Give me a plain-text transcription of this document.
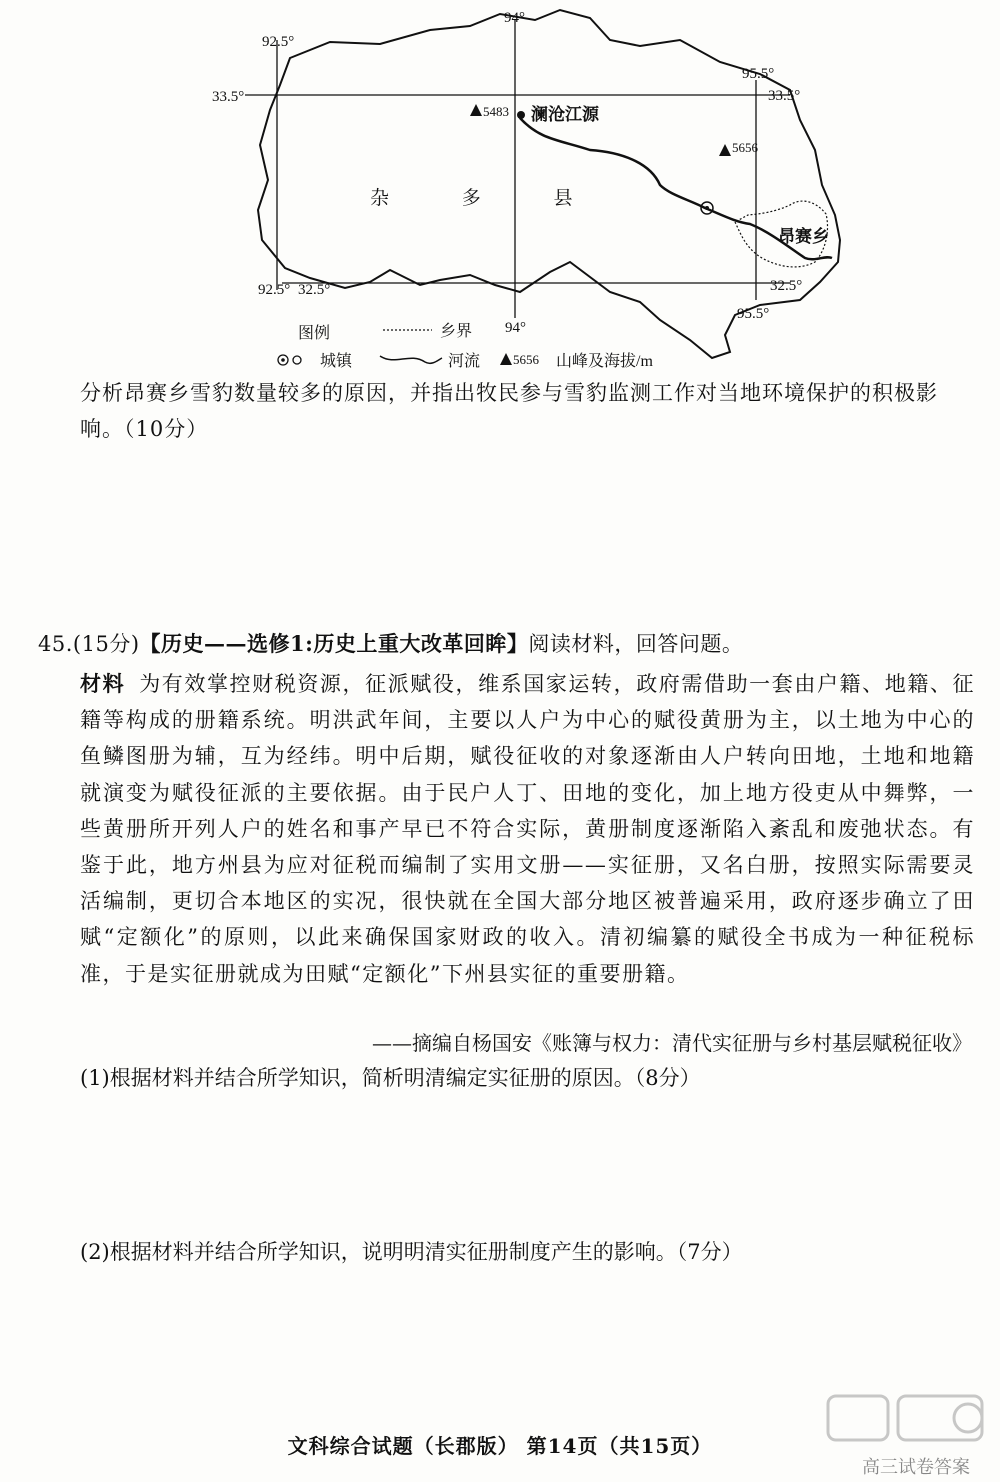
92.5°
94°
95.5°
33.5°	33.5°
92.5° 32.5°	32.5°
94°
95.5°
澜沧江源
5483
5656
杂 多 县
昂赛乡
图例	乡界
城镇	河流	5656 山峰及海拔/m
分析昂赛乡雪豹数量较多的原因，并指出牧民参与雪豹监测工作对当地环境保护的积极影响。（10分）
45.(15分)【历史——选修1:历史上重大改革回眸】阅读材料，回答问题。
材料 为有效掌控财税资源，征派赋役，维系国家运转，政府需借助一套由户籍、地籍、征籍等构成的册籍系统。明洪武年间，主要以人户为中心的赋役黄册为主，以土地为中心的鱼鳞图册为辅，互为经纬。明中后期，赋役征收的对象逐渐由人户转向田地，土地和地籍就演变为赋役征派的主要依据。由于民户人丁、田地的变化，加上地方役吏从中舞弊，一些黄册所开列人户的姓名和事产早已不符合实际，黄册制度逐渐陷入紊乱和废弛状态。有鉴于此，地方州县为应对征税而编制了实用文册——实征册，又名白册，按照实际需要灵活编制，更切合本地区的实况，很快就在全国大部分地区被普遍采用，政府逐步确立了田赋“定额化”的原则，以此来确保国家财政的收入。清初编纂的赋役全书成为一种征税标准，于是实征册就成为田赋“定额化”下州县实征的重要册籍。
——摘编自杨国安《账簿与权力：清代实征册与乡村基层赋税征收》
(1)根据材料并结合所学知识，简析明清编定实征册的原因。（8分）
(2)根据材料并结合所学知识，说明明清实征册制度产生的影响。（7分）
文科综合试题（长郡版） 第14页（共15页）
高三试卷答案
